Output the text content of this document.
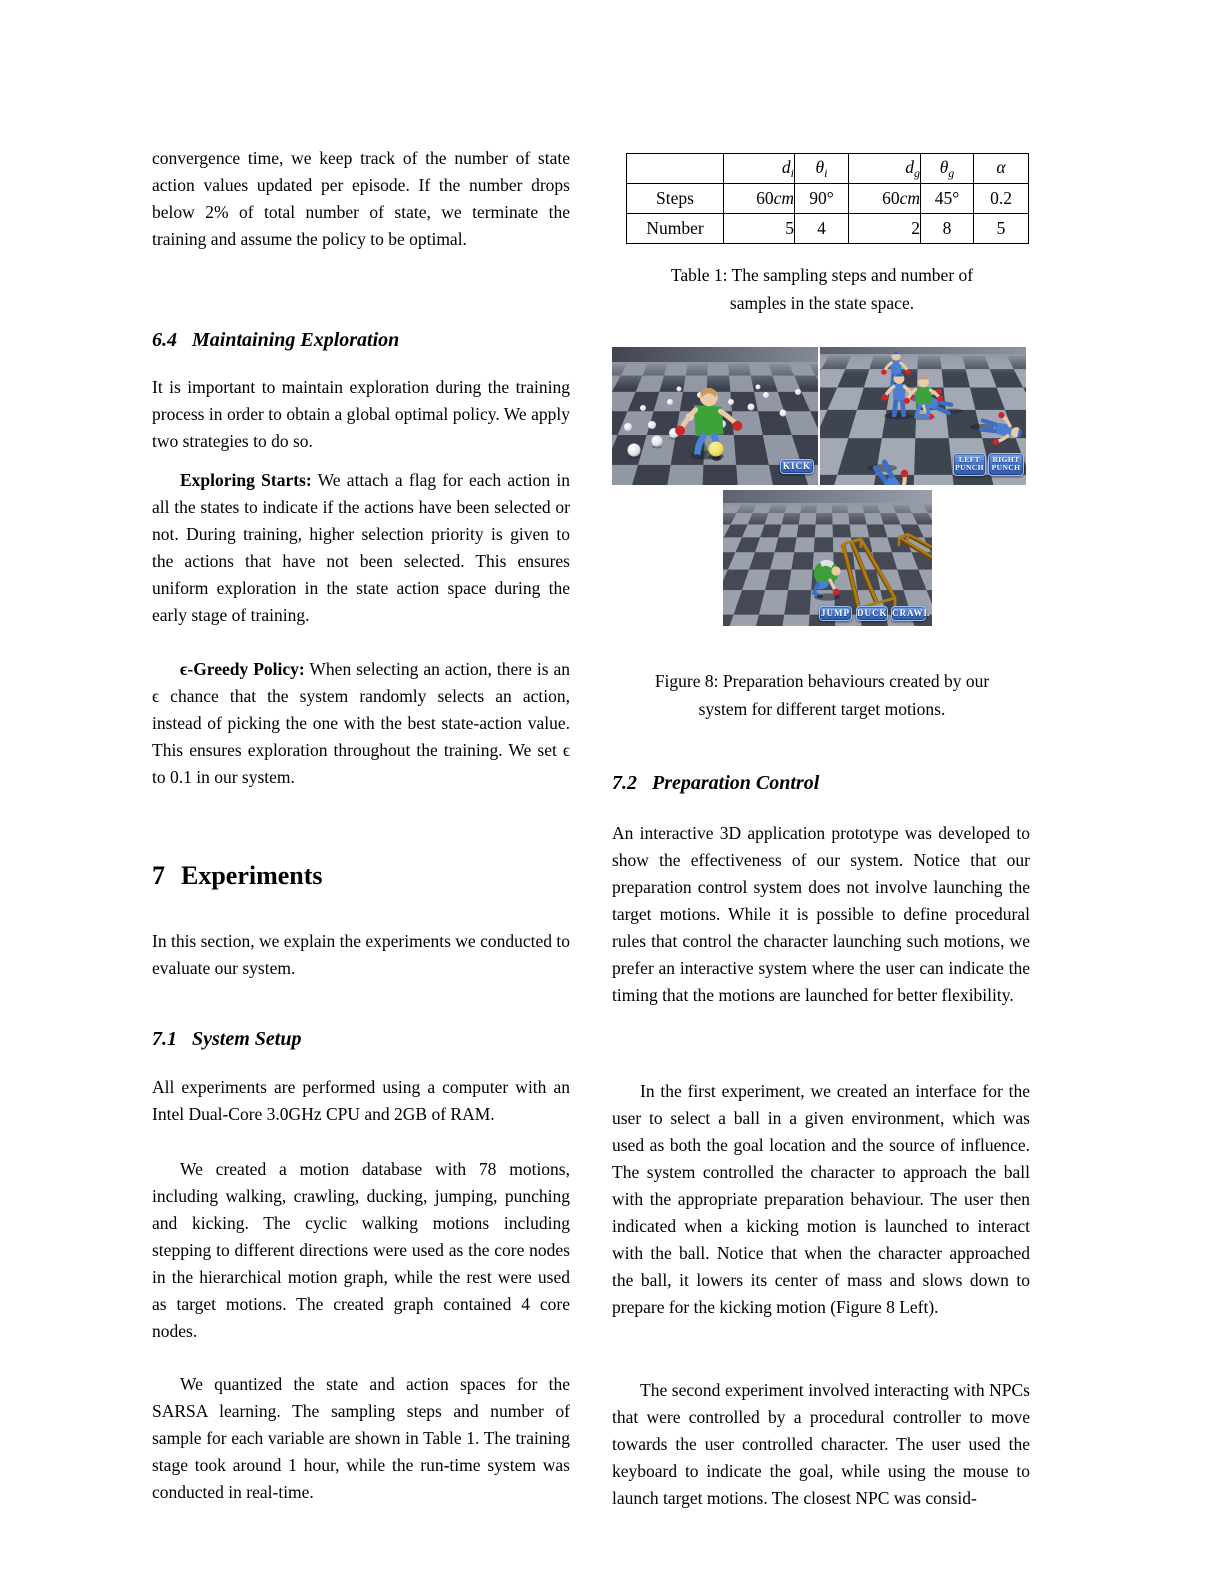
convergence time, we keep track of the number of state action values updated per episode. If the number drops below 2% of total number of state, we terminate the training and assume the policy to be optimal.
6.4 Maintaining Exploration
It is important to maintain exploration during the training process in order to obtain a global optimal policy. We apply two strategies to do so.
Exploring Starts: We attach a flag for each action in all the states to indicate if the actions have been selected or not. During training, higher selection priority is given to the actions that have not been selected. This ensures uniform exploration in the state action space during the early stage of training.
ϵ-Greedy Policy: When selecting an action, there is an ϵ chance that the system randomly selects an action, instead of picking the one with the best state-action value. This ensures exploration throughout the training. We set ϵ to 0.1 in our system.
7 Experiments
In this section, we explain the experiments we conducted to evaluate our system.
7.1 System Setup
All experiments are performed using a computer with an Intel Dual-Core 3.0GHz CPU and 2GB of RAM.
We created a motion database with 78 motions, including walking, crawling, ducking, jumping, punching and kicking. The cyclic walking motions including stepping to different directions were used as the core nodes in the hierarchical motion graph, while the rest were used as target motions. The created graph contained 4 core nodes.
We quantized the state and action spaces for the SARSA learning. The sampling steps and number of sample for each variable are shown in Table 1. The training stage took around 1 hour, while the run-time system was conducted in real-time.
	$d_i$	$\theta_i$	$d_g$	$\theta_g$	α
Steps	60cm	90°	60cm	45°	0.2
Number	5	4	2	8	5
Table 1: The sampling steps and number of
samples in the state space.
KICK
LEFT
PUNCH
RIGHT
PUNCH
JUMP DUCK CRAWL
Figure 8: Preparation behaviours created by our
system for different target motions.
7.2 Preparation Control
An interactive 3D application prototype was developed to show the effectiveness of our system. Notice that our preparation control system does not involve launching the target motions. While it is possible to define procedural rules that control the character launching such motions, we prefer an interactive system where the user can indicate the timing that the motions are launched for better flexibility.
In the first experiment, we created an interface for the user to select a ball in a given environment, which was used as both the goal location and the source of influence. The system controlled the character to approach the ball with the appropriate preparation behaviour. The user then indicated when a kicking motion is launched to interact with the ball. Notice that when the character approached the ball, it lowers its center of mass and slows down to prepare for the kicking motion (Figure 8 Left).
The second experiment involved interacting with NPCs that were controlled by a procedural controller to move towards the user controlled character. The user used the keyboard to indicate the goal, while using the mouse to launch target motions. The closest NPC was consid-
